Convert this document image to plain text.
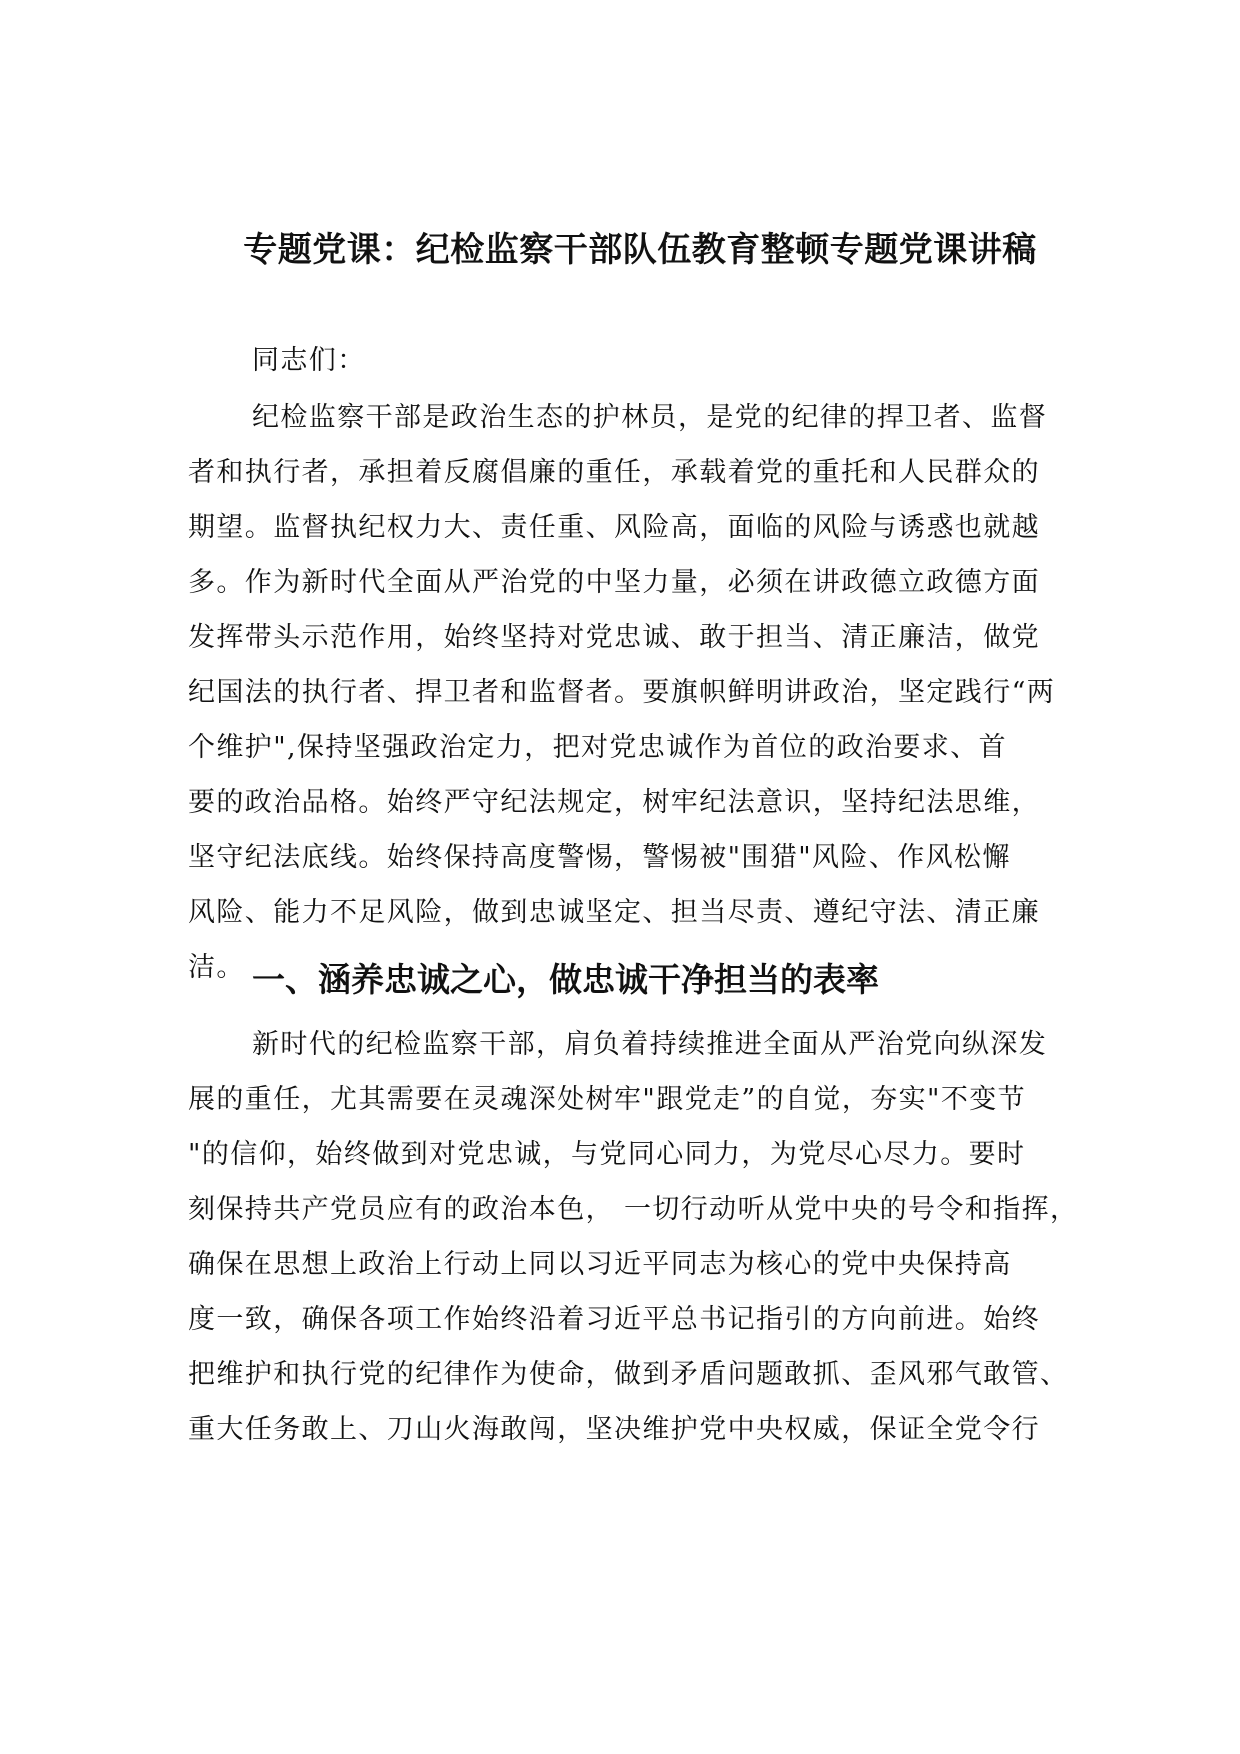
专题党课：纪检监察干部队伍教育整顿专题党课讲稿
同志们：
纪检监察干部是政治生态的护林员，是党的纪律的捍卫者、监督
者和执行者，承担着反腐倡廉的重任，承载着党的重托和人民群众的
期望。监督执纪权力大、责任重、风险高，面临的风险与诱惑也就越
多。作为新时代全面从严治党的中坚力量，必须在讲政德立政德方面
发挥带头示范作用，始终坚持对党忠诚、敢于担当、清正廉洁，做党
纪国法的执行者、捍卫者和监督者。要旗帜鲜明讲政治，坚定践行“两
个维护",保持坚强政治定力，把对党忠诚作为首位的政治要求、首
要的政治品格。始终严守纪法规定，树牢纪法意识，坚持纪法思维，
坚守纪法底线。始终保持高度警惕，警惕被"围猎"风险、作风松懈
风险、能力不足风险，做到忠诚坚定、担当尽责、遵纪守法、清正廉
洁。 一、涵养忠诚之心，做忠诚干净担当的表率
新时代的纪检监察干部，肩负着持续推进全面从严治党向纵深发
展的重任，尤其需要在灵魂深处树牢"跟党走”的自觉，夯实"不变节
"的信仰，始终做到对党忠诚，与党同心同力，为党尽心尽力。要时
刻保持共产党员应有的政治本色， 一切行动听从党中央的号令和指挥，
确保在思想上政治上行动上同以习近平同志为核心的党中央保持高
度一致，确保各项工作始终沿着习近平总书记指引的方向前进。始终
把维护和执行党的纪律作为使命，做到矛盾问题敢抓、歪风邪气敢管、
重大任务敢上、刀山火海敢闯，坚决维护党中央权威，保证全党令行
